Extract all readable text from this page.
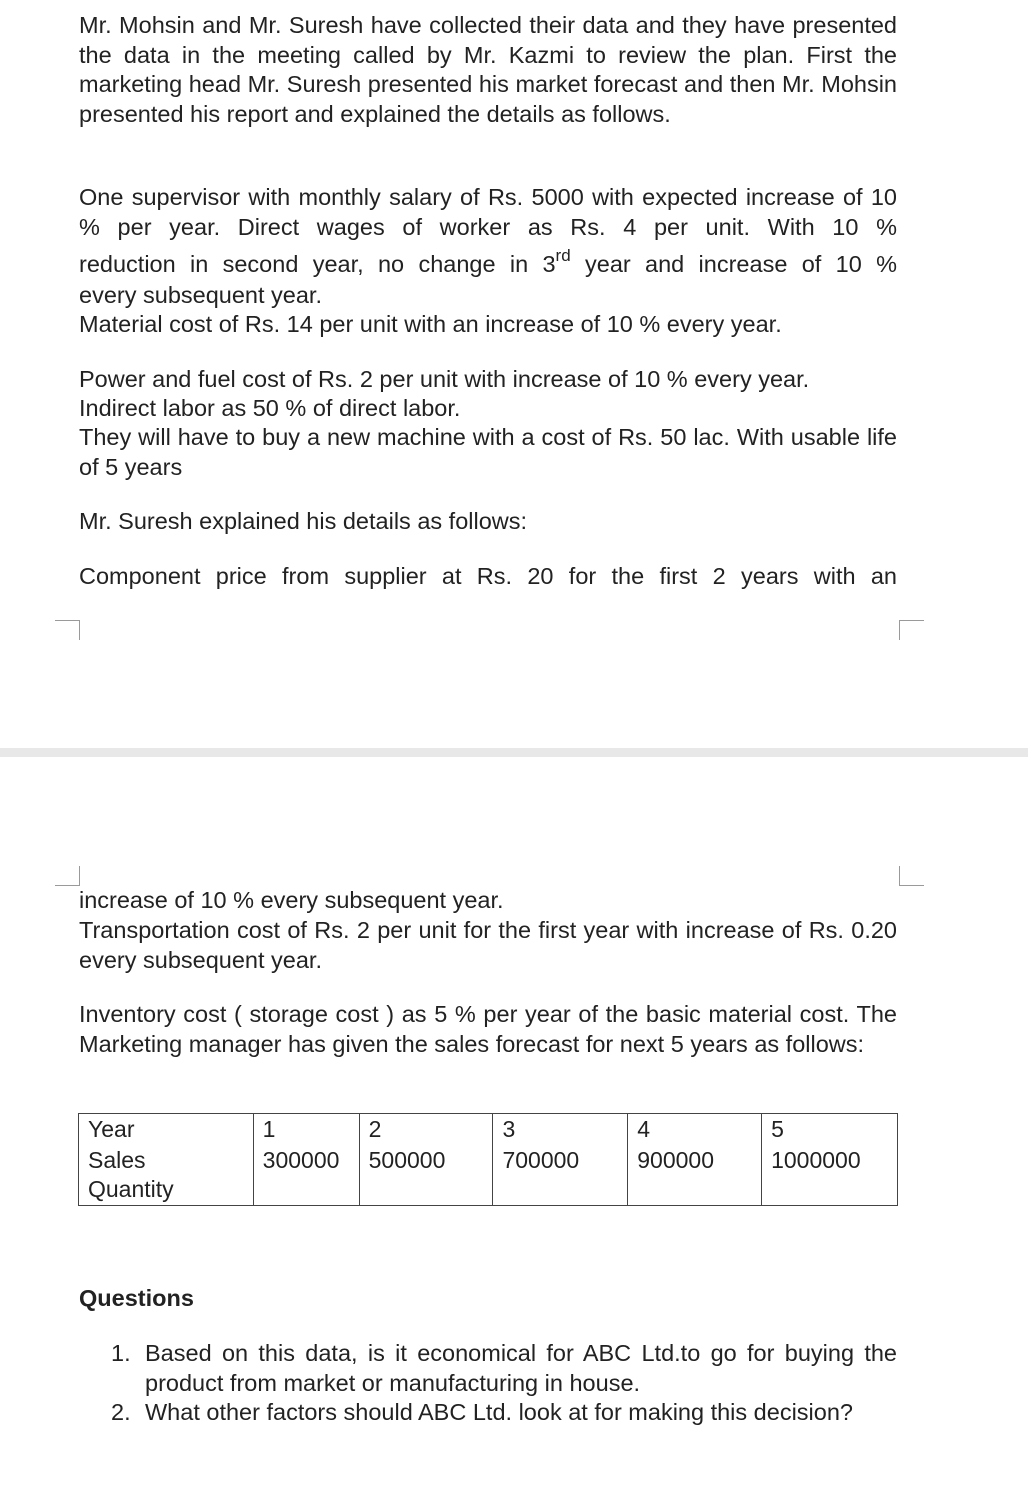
Mr. Mohsin and Mr. Suresh have collected their data and they have presented the data in the meeting called by Mr. Kazmi to review the plan. First the marketing head Mr. Suresh presented his market forecast and then Mr. Mohsin presented his report and explained the details as follows.

One supervisor with monthly salary of Rs. 5000 with expected increase of 10 % per year. Direct wages of worker as Rs. 4 per unit. With 10 %

reduction in second year, no change in 3rd year and increase of 10 %

every subsequent year.

Material cost of Rs. 14 per unit with an increase of 10 % every year.

Power and fuel cost of Rs. 2 per unit with increase of 10 % every year.

Indirect labor as 50 % of direct labor.

They will have to buy a new machine with a cost of Rs. 50 lac. With usable life of 5 years

Mr. Suresh explained his details as follows:

Component price from supplier at Rs. 20 for the first 2 years with an

increase of 10 % every subsequent year.

Transportation cost of Rs. 2 per unit for the first year with increase of Rs. 0.20 every subsequent year.

Inventory cost ( storage cost ) as 5 % per year of the basic material cost. The Marketing manager has given the sales forecast for next 5 years as follows:

Year	1	2	3	4	5
Sales
Quantity	300000	500000	700000	900000	1000000

Questions

1. Based on this data, is it economical for ABC Ltd.to go for buying the product from market or manufacturing in house.
2. What other factors should ABC Ltd. look at for making this decision?
